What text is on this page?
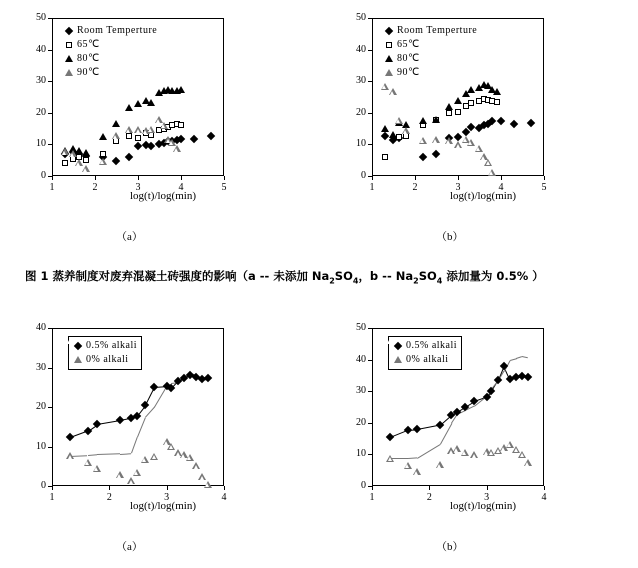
0
10
20
30
40
50
1	2	3	4	5
Room Temperture
65℃
80℃
90℃
log(t)/log(min)
（a）
0
10
20
30
40
50
1	2	3	4	5
Room Temperture
65℃
80℃
90℃
log(t)/log(min)
（b）
图 1 蒸养制度对废弃混凝土砖强度的影响（a -- 未添加 $Na_2SO_4$，b -- $Na_2SO_4$ 添加量为 0.5% ）
0
10
20
30
40
1	2	3	4
0.5% alkali
0% alkali
log(t)/log(min)
（a）
0
10
20
30
40
50
1	2	3	4
0.5% alkali
0% alkali
log(t)/log(min)
（b）
